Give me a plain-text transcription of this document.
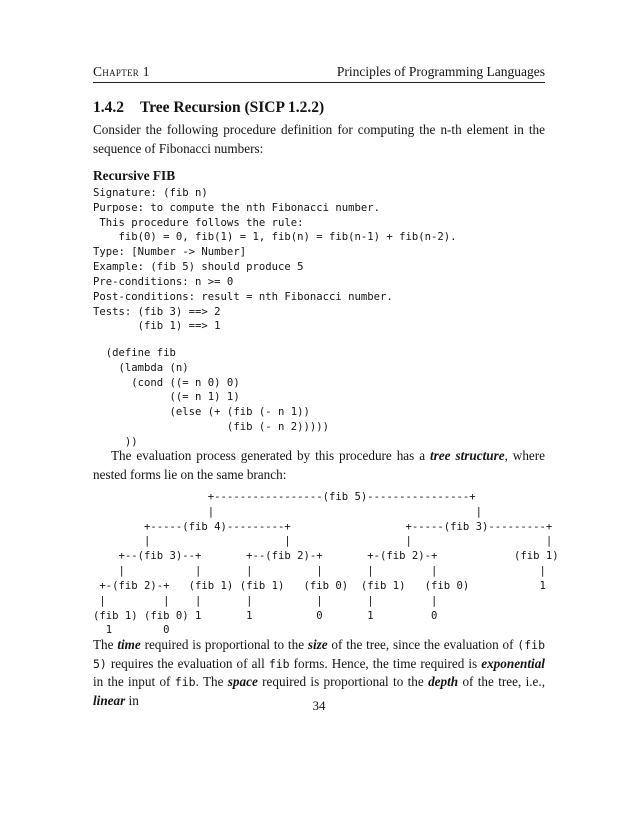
Chapter 1	Principles of Programming Languages
1.4.2 Tree Recursion (SICP 1.2.2)
Consider the following procedure definition for computing the n-th element in the sequence of Fibonacci numbers:
Recursive FIB
Signature: (fib n)
Purpose: to compute the nth Fibonacci number.
This procedure follows the rule:
fib(0) = 0, fib(1) = 1, fib(n) = fib(n-1) + fib(n-2).
Type: [Number -> Number]
Example: (fib 5) should produce 5
Pre-conditions: n >= 0
Post-conditions: result = nth Fibonacci number.
Tests: (fib 3) ==> 2
(fib 1) ==> 1
(define fib
(lambda (n)
(cond ((= n 0) 0)
((= n 1) 1)
(else (+ (fib (- n 1))
(fib (- n 2)))))
))
The evaluation process generated by this procedure has a tree structure, where nested forms lie on the same branch:
+-----------------(fib 5)----------------+
|                                         |
+-----(fib 4)---------+                  +-----(fib 3)---------+
|                     |                  |                     |
+--(fib 3)--+       +--(fib 2)-+       +-(fib 2)-+            (fib 1)
|           |       |          |       |         |                |
+-(fib 2)-+   (fib 1) (fib 1)   (fib 0)  (fib 1)   (fib 0)           1
|         |    |       |          |       |         |
(fib 1) (fib 0) 1       1          0       1         0
1        0
The time required is proportional to the size of the tree, since the evaluation of (fib 5) requires the evaluation of all fib forms. Hence, the time required is exponential in the input of fib. The space required is proportional to the depth of the tree, i.e., linear in	34
